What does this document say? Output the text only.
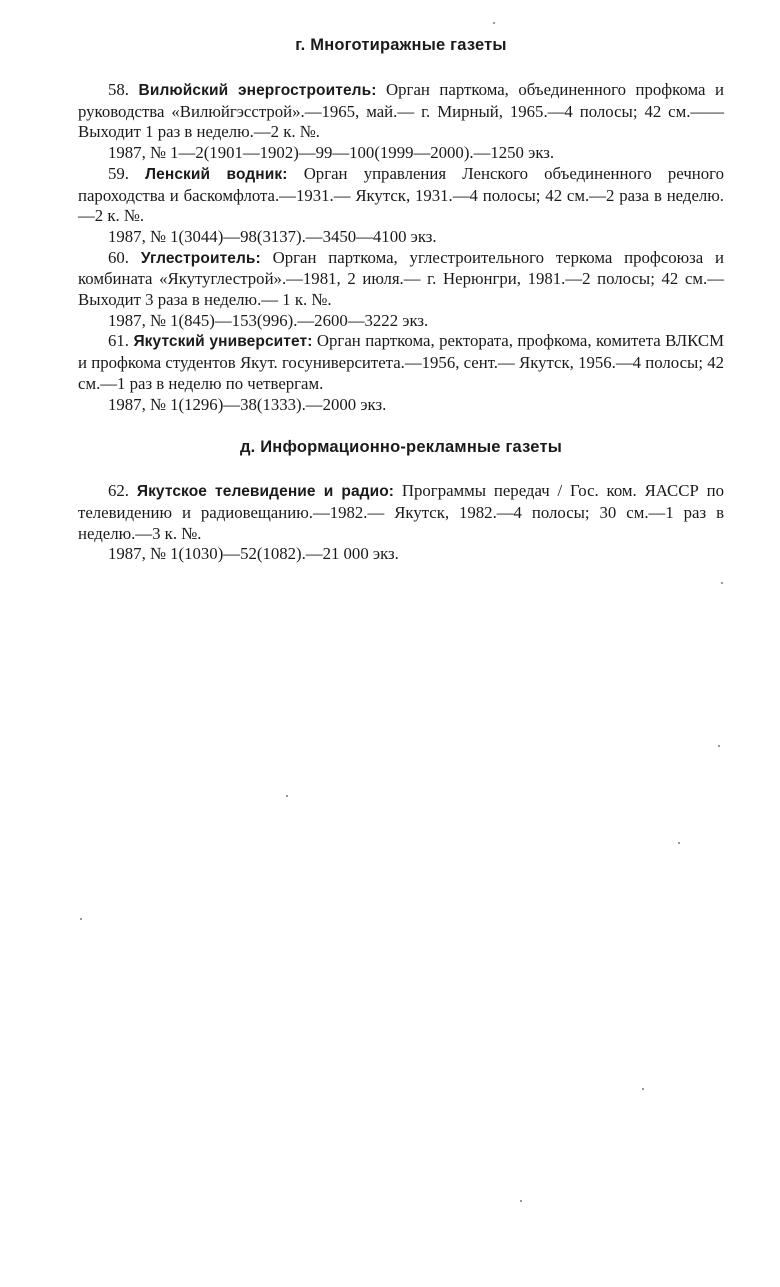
г. Многотиражные газеты

58. Вилюйский энергостроитель: Орган парткома, объединенного профкома и руководства «Вилюйгэсстрой».—1965, май.— г. Мирный, 1965.—4 полосы; 42 см.—— Выходит 1 раз в неделю.—2 к. №.

1987, № 1—2(1901—1902)—99—100(1999—2000).—1250 экз.

59. Ленский водник: Орган управления Ленского объединенного речного пароходства и баскомфлота.—1931.— Якутск, 1931.—4 полосы; 42 см.—2 раза в неделю.—2 к. №.

1987, № 1(3044)—98(3137).—3450—4100 экз.

60. Углестроитель: Орган парткома, углестроительного теркома профсоюза и комбината «Якутуглестрой».—1981, 2 июля.— г. Нерюнгри, 1981.—2 полосы; 42 см.— Выходит 3 раза в неделю.— 1 к. №.

1987, № 1(845)—153(996).—2600—3222 экз.

61. Якутский университет: Орган парткома, ректората, профкома, комитета ВЛКСМ и профкома студентов Якут. госуниверситета.—1956, сент.— Якутск, 1956.—4 полосы; 42 см.—1 раз в неделю по четвергам.

1987, № 1(1296)—38(1333).—2000 экз.

д. Информационно-рекламные газеты

62. Якутское телевидение и радио: Программы передач / Гос. ком. ЯАССР по телевидению и радиовещанию.—1982.— Якутск, 1982.—4 полосы; 30 см.—1 раз в неделю.—3 к. №.

1987, № 1(1030)—52(1082).—21 000 экз.
